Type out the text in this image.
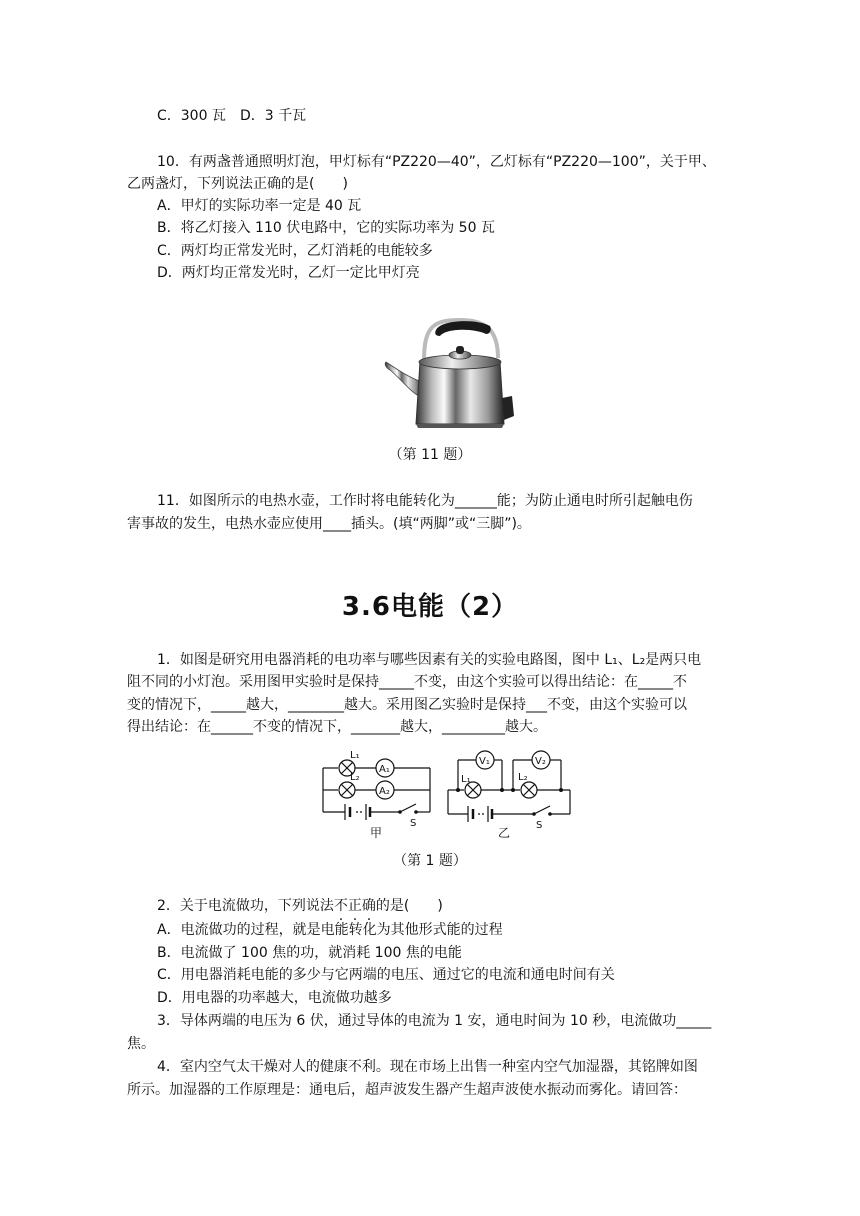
C．300 瓦　D．3 千瓦
10．有两盏普通照明灯泡，甲灯标有“PZ220—40”，乙灯标有“PZ220—100”，关于甲、
乙两盏灯，下列说法正确的是(　　)
A．甲灯的实际功率一定是 40 瓦
B．将乙灯接入 110 伏电路中，它的实际功率为 50 瓦
C．两灯均正常发光时，乙灯消耗的电能较多
D．两灯均正常发光时，乙灯一定比甲灯亮
（第 11 题）
11．如图所示的电热水壶，工作时将电能转化为______能；为防止通电时所引起触电伤
害事故的发生，电热水壶应使用____插头。(填“两脚”或“三脚”)。
3.6电能（2）
1．如图是研究用电器消耗的电功率与哪些因素有关的实验电路图，图中 L₁、L₂是两只电
阻不同的小灯泡。采用图甲实验时是保持_____不变，由这个实验可以得出结论：在_____不
变的情况下，_____越大，________越大。采用图乙实验时是保持___不变，由这个实验可以
得出结论：在______不变的情况下，_______越大，_________越大。
L₁
L₂
A₁
A₂
S
甲
L₁	L₂
V₁	V₂
S
乙
（第 1 题）
2．关于电流做功，下列说法不正确的是(　　)
A．电流做功的过程，就是电能转化为其他形式能的过程
B．电流做了 100 焦的功，就消耗 100 焦的电能
C．用电器消耗电能的多少与它两端的电压、通过它的电流和通电时间有关
D．用电器的功率越大，电流做功越多
3．导体两端的电压为 6 伏，通过导体的电流为 1 安，通电时间为 10 秒，电流做功_____
焦。
4．室内空气太干燥对人的健康不利。现在市场上出售一种室内空气加湿器，其铭牌如图
所示。加湿器的工作原理是：通电后，超声波发生器产生超声波使水振动而雾化。请回答：
